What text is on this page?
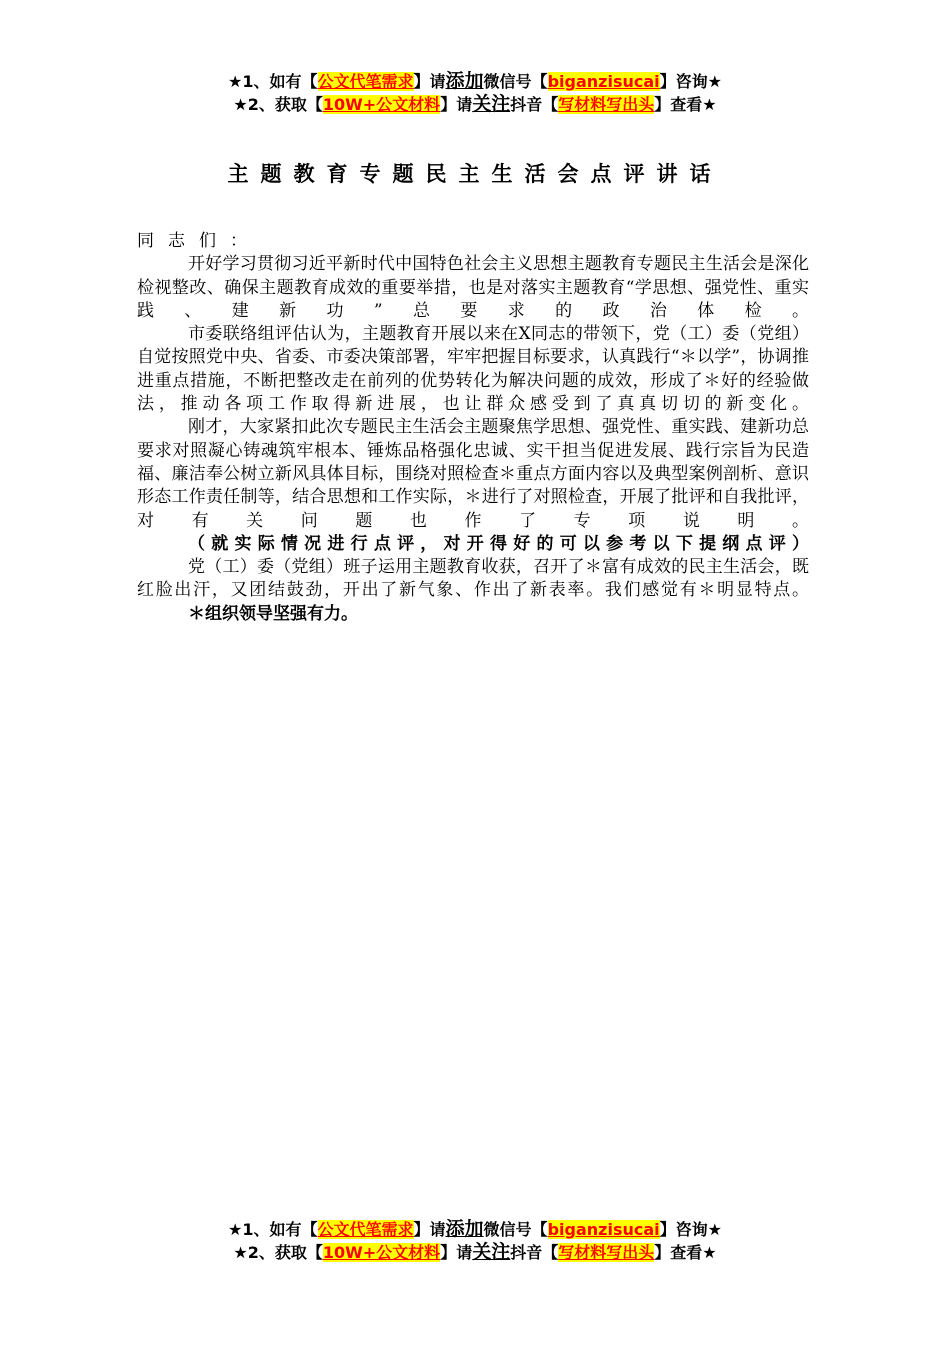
★1、如有【公文代笔需求】请添加微信号【biganzisucai】咨询★
★2、获取【10W+公文材料】请关注抖音【写材料写出头】查看★
主题教育专题民主生活会点评讲话

同志们：

开好学习贯彻习近平新时代中国特色社会主义思想主题教育专题民主生活会是深化检视整改、确保主题教育成效的重要举措，也是对落实主题教育“学思想、强党性、重实践、建新功”总要求的政治体检。

市委联络组评估认为，主题教育开展以来在X同志的带领下，党（工）委（党组）自觉按照党中央、省委、市委决策部署，牢牢把握目标要求，认真践行“＊以学”，协调推进重点措施，不断把整改走在前列的优势转化为解决问题的成效，形成了＊好的经验做法，推动各项工作取得新进展，也让群众感受到了真真切切的新变化。

刚才，大家紧扣此次专题民主生活会主题聚焦学思想、强党性、重实践、建新功总要求对照凝心铸魂筑牢根本、锤炼品格强化忠诚、实干担当促进发展、践行宗旨为民造福、廉洁奉公树立新风具体目标，围绕对照检查＊重点方面内容以及典型案例剖析、意识形态工作责任制等，结合思想和工作实际，＊进行了对照检查，开展了批评和自我批评，对有关问题也作了专项说明。

（就实际情况进行点评，对开得好的可以参考以下提纲点评）

党（工）委（党组）班子运用主题教育收获，召开了＊富有成效的民主生活会，既红脸出汗，又团结鼓劲，开出了新气象、作出了新表率。我们感觉有＊明显特点。

＊组织领导坚强有力。

★1、如有【公文代笔需求】请添加微信号【biganzisucai】咨询★
★2、获取【10W+公文材料】请关注抖音【写材料写出头】查看★
